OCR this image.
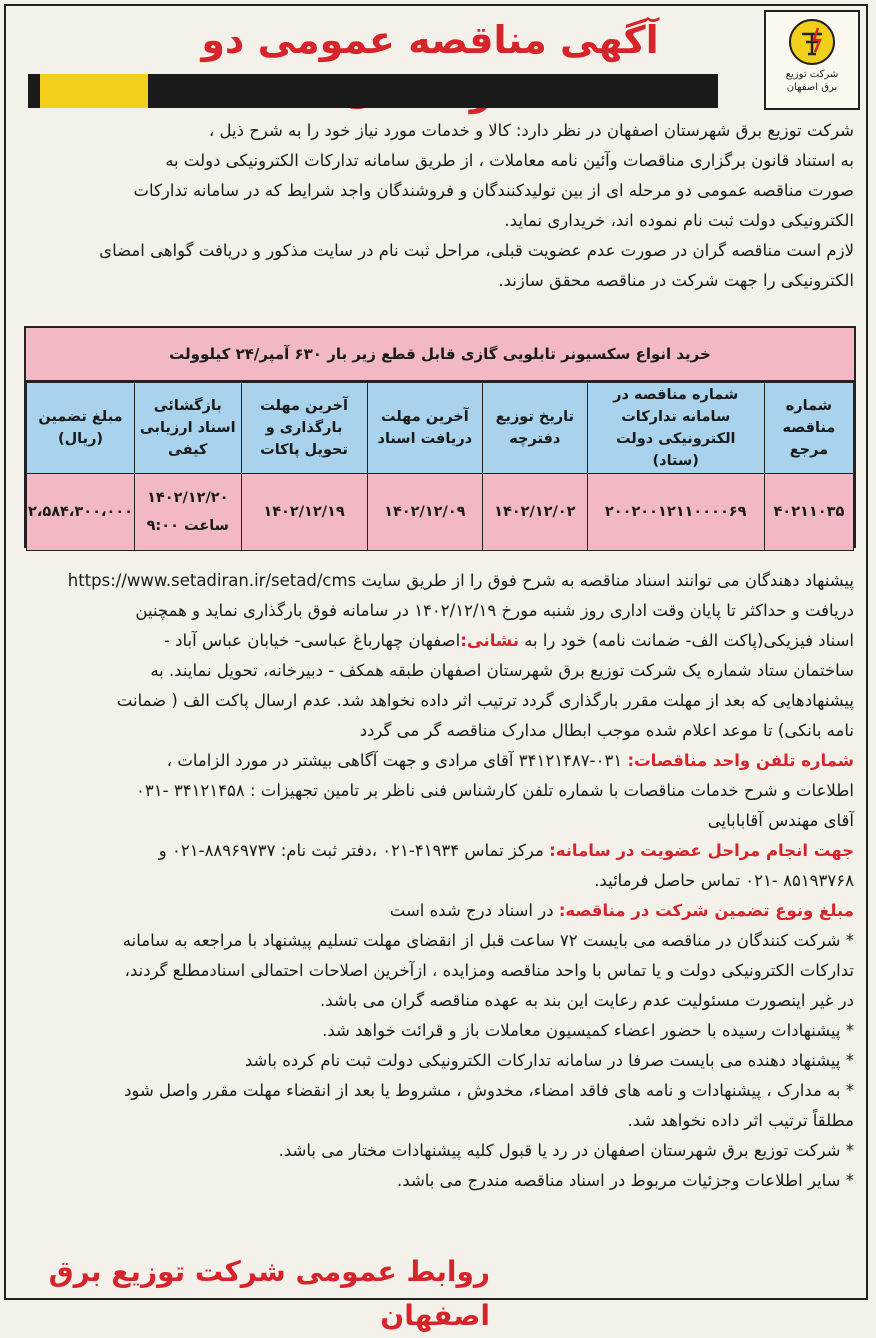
شرکت توزیع
برق اصفهان
آگهی مناقصه عمومی دو
شرکت توزیع برق شهرستان اصفهان در نظر دارد: کالا و خدمات مورد نیاز خود را به شرح ذیل ،
به استناد قانون برگزاری مناقصات وآئین نامه معاملات ، از طریق سامانه تدارکات الکترونیکی دولت به
صورت مناقصه عمومی دو مرحله ای از بین تولیدکنندگان و فروشندگان واجد شرایط که در سامانه تدارکات
الکترونیکی دولت ثبت نام نموده اند، خریداری نماید.
لازم است مناقصه گران در صورت عدم عضویت قبلی، مراحل ثبت نام در سایت مذکور و دریافت گواهی امضای
الکترونیکی را جهت شرکت در مناقصه محقق سازند.
خرید انواع سکسیونر تابلویی گازی قابل قطع زیر بار ۶۳۰ آمپر/۲۴ کیلوولت
شماره مناقصه مرجع	شماره مناقصه در سامانه تدارکات الکترونیکی دولت (ستاد)	تاریخ توزیع دفترچه	آخرین مهلت دریافت اسناد	آخرین مهلت بارگذاری و تحویل پاکات	بازگشائی اسناد ارزیابی کیفی	مبلغ تضمین (ریال)
۴۰۲۱۱۰۳۵	۲۰۰۲۰۰۱۲۱۱۰۰۰۰۶۹	۱۴۰۲/۱۲/۰۲	۱۴۰۲/۱۲/۰۹	۱۴۰۲/۱۲/۱۹	۱۴۰۲/۱۲/۲۰
ساعت ۹:۰۰	۲،۵۸۴،۳۰۰،۰۰۰
پیشنهاد دهندگان می توانند اسناد مناقصه به شرح فوق را از طریق سایت https://www.setadiran.ir/setad/cms
دریافت و حداکثر تا پایان وقت اداری روز شنبه مورخ ۱۴۰۲/۱۲/۱۹ در سامانه فوق بارگذاری نماید و همچنین
اسناد فیزیکی(پاکت الف- ضمانت نامه) خود را به نشانی:اصفهان چهارباغ عباسی- خیابان عباس آباد -
ساختمان ستاد شماره یک شرکت توزیع برق شهرستان اصفهان طبقه همکف - دبیرخانه، تحویل نمایند. به
پیشنهادهایی که بعد از مهلت مقرر بارگذاری گردد ترتیب اثر داده نخواهد شد. عدم ارسال پاکت الف ( ضمانت
نامه بانکی) تا موعد اعلام شده موجب ابطال مدارک مناقصه گر می گردد
شماره تلفن واحد مناقصات: ۰۳۱-۳۴۱۲۱۴۸۷ آقای مرادی و جهت آگاهی بیشتر در مورد الزامات ،
اطلاعات و شرح خدمات مناقصات با شماره تلفن کارشناس فنی ناظر بر تامین تجهیزات : ۳۴۱۲۱۴۵۸ -۰۳۱
آقای مهندس آقابابایی
جهت انجام مراحل عضویت در سامانه: مرکز تماس ۴۱۹۳۴-۰۲۱ ،دفتر ثبت نام: ۸۸۹۶۹۷۳۷-۰۲۱ و
۸۵۱۹۳۷۶۸ -۰۲۱ تماس حاصل فرمائید.
مبلغ ونوع تضمین شرکت در مناقصه: در اسناد درج شده است
* شرکت کنندگان در مناقصه می بایست ۷۲ ساعت قبل از انقضای مهلت تسلیم پیشنهاد با مراجعه به سامانه
تدارکات الکترونیکی دولت و یا تماس با واحد مناقصه ومزایده ، ازآخرین اصلاحات احتمالی اسنادمطلع گردند،
در غیر اینصورت مسئولیت عدم رعایت این بند به عهده مناقصه گران می باشد.
* پیشنهادات رسیده با حضور اعضاء کمیسیون معاملات باز و قرائت خواهد شد.
* پیشنهاد دهنده می بایست صرفا در سامانه تدارکات الکترونیکی دولت ثبت نام کرده باشد
* به مدارک ، پیشنهادات و نامه های فاقد امضاء، مخدوش ، مشروط یا بعد از انقضاء مهلت مقرر واصل شود
مطلقاً ترتیب اثر داده نخواهد شد.
* شرکت توزیع برق شهرستان اصفهان در رد یا قبول کلیه پیشنهادات مختار می باشد.
* سایر اطلاعات وجزئیات مربوط در اسناد مناقصه مندرج می باشد.
روابط عمومی شرکت توزیع برق اصفهان
